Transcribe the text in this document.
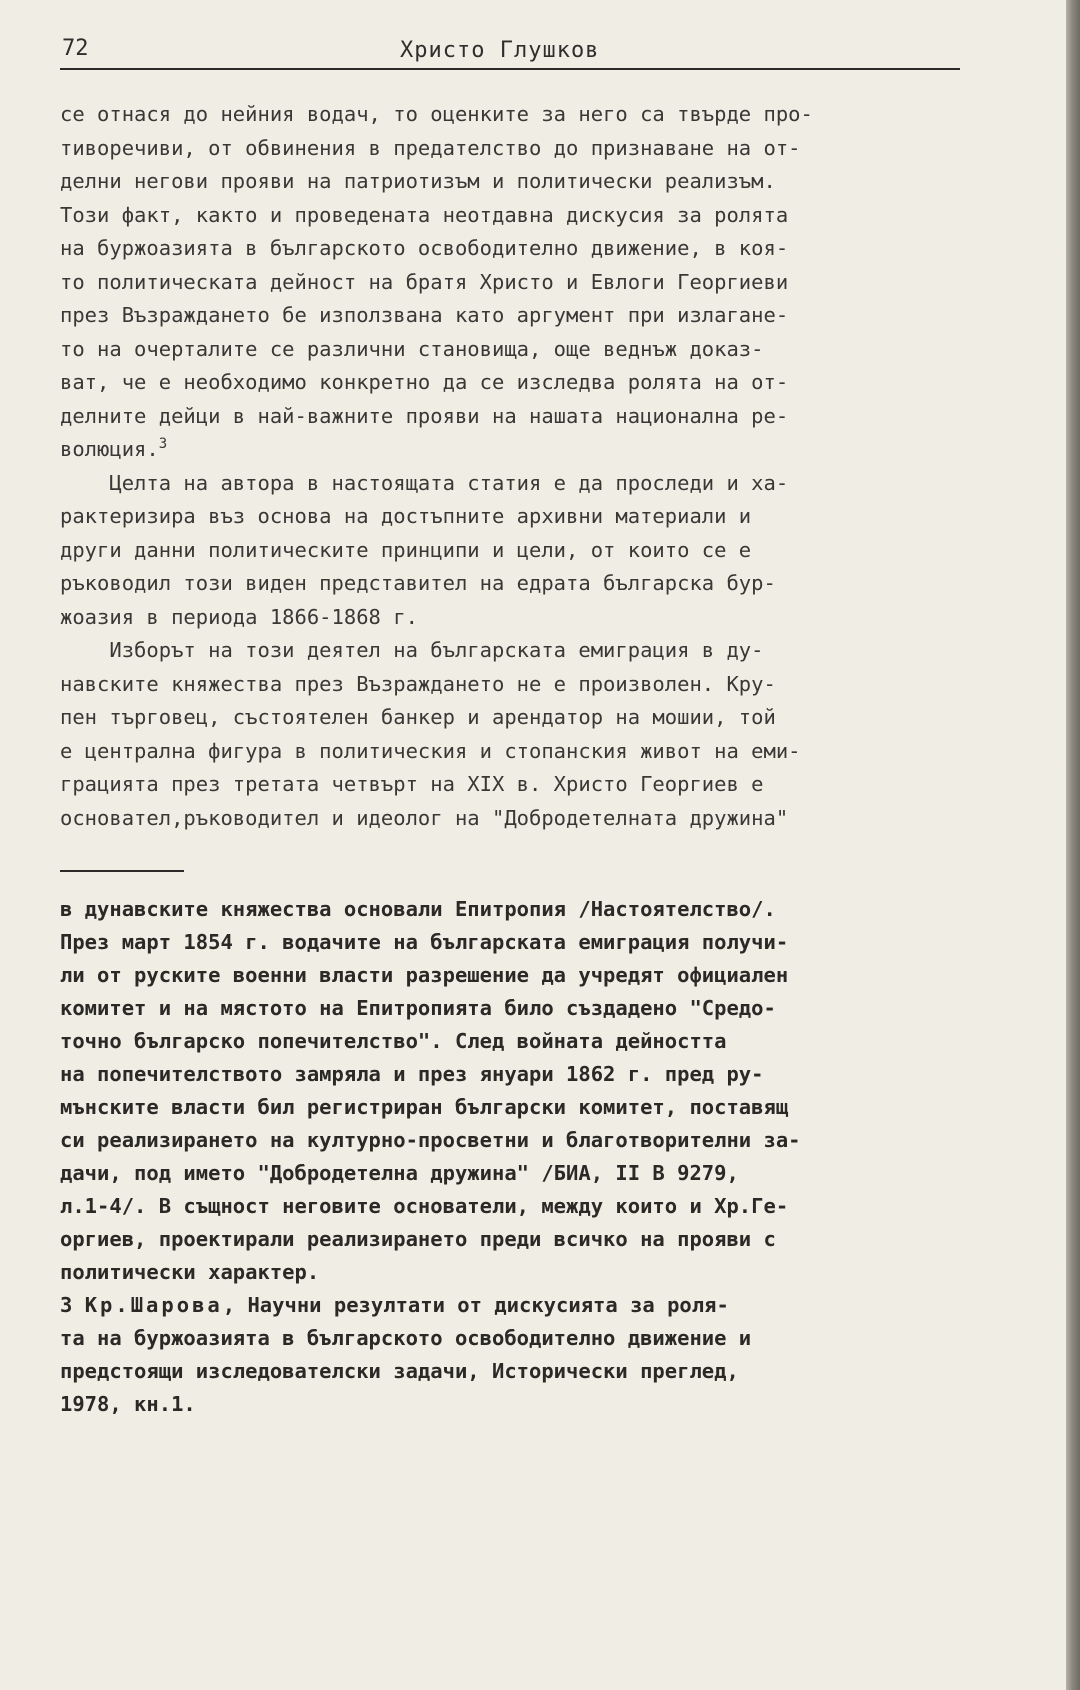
72	Христо Глушков
се отнася до нейния водач, то оценките за него са твърде про-
тиворечиви, от обвинения в предателство до признаване на от-
делни негови прояви на патриотизъм и политически реализъм.
Този факт, както и проведената неотдавна дискусия за ролята
на буржоазията в българското освободително движение, в коя-
то политическата дейност на братя Христо и Евлоги Георгиеви
през Възраждането бе използвана като аргумент при излагане-
то на очерталите се различни становища, още веднъж доказ-
ват, че е необходимо конкретно да се изследва ролята на от-
делните дейци в най-важните прояви на нашата национална ре-
волюция.$^3$
Целта на автора в настоящата статия е да проследи и ха-
рактеризира въз основа на достъпните архивни материали и
други данни политическите принципи и цели, от които се е
ръководил този виден представител на едрата българска бур-
жоазия в периода 1866-1868 г.
Изборът на този деятел на българската емиграция в ду-
навските княжества през Възраждането не е произволен. Кру-
пен търговец, състоятелен банкер и арендатор на мошии, той
е централна фигура в политическия и стопанския живот на еми-
грацията през третата четвърт на XIX в. Христо Георгиев е
основател,ръководител и идеолог на "Добродетелната дружина"
в дунавските княжества основали Епитропия /Настоятелство/.
През март 1854 г. водачите на българската емиграция получи-
ли от руските военни власти разрешение да учредят официален
комитет и на мястото на Епитропията било създадено "Средо-
точно българско попечителство". След войната дейността
на попечителството замряла и през януари 1862 г. пред ру-
мънските власти бил регистриран български комитет, поставящ
си реализирането на културно-просветни и благотворителни за-
дачи, под името "Добродетелна дружина" /БИА, II В 9279,
л.1-4/. В същност неговите основатели, между които и Хр.Ге-
оргиев, проектирали реализирането преди всичко на прояви с
политически характер.
3 Кр.Шарова, Научни резултати от дискусията за роля-
та на буржоазията в българското освободително движение и
предстоящи изследователски задачи, Исторически преглед,
1978, кн.1.
